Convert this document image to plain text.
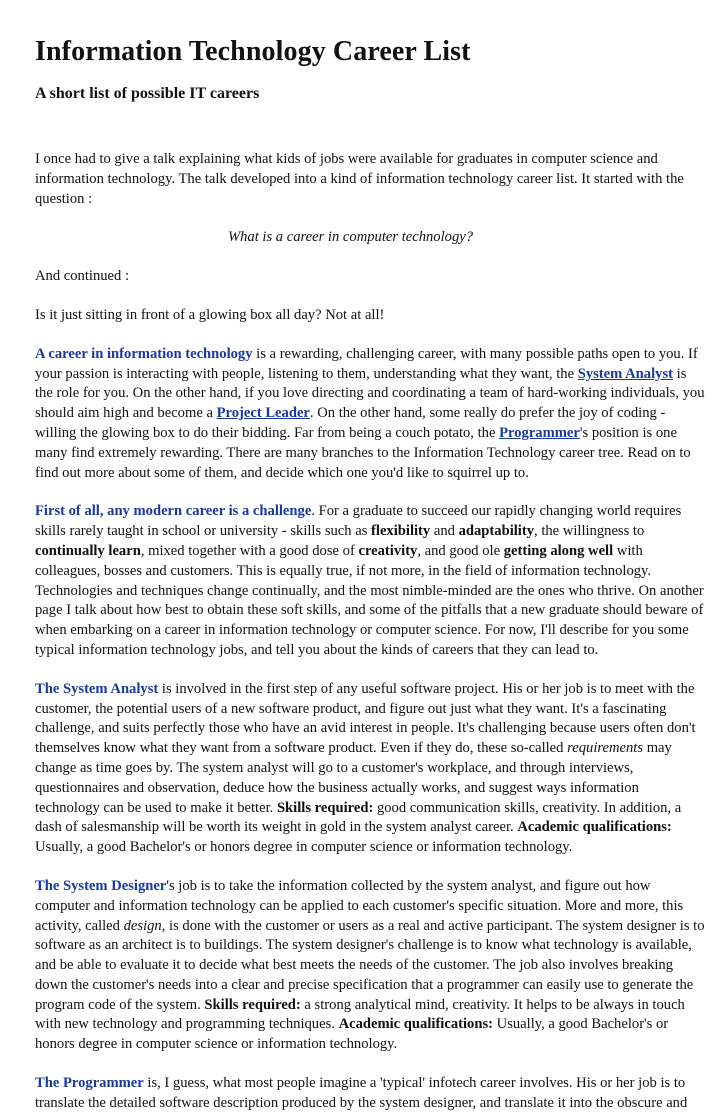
Information Technology Career List
A short list of possible IT careers

I once had to give a talk explaining what kids of jobs were available for graduates in computer science and information technology. The talk developed into a kind of information technology career list. It started with the question :

What is a career in computer technology?

And continued :

Is it just sitting in front of a glowing box all day? Not at all!

A career in information technology is a rewarding, challenging career, with many possible paths open to you. If your passion is interacting with people, listening to them, understanding what they want, the System Analyst is the role for you. On the other hand, if you love directing and coordinating a team of hard-working individuals, you should aim high and become a Project Leader. On the other hand, some really do prefer the joy of coding - willing the glowing box to do their bidding. Far from being a couch potato, the Programmer's position is one many find extremely rewarding. There are many branches to the Information Technology career tree. Read on to find out more about some of them, and decide which one you'd like to squirrel up to.

First of all, any modern career is a challenge. For a graduate to succeed our rapidly changing world requires skills rarely taught in school or university - skills such as flexibility and adaptability, the willingness to continually learn, mixed together with a good dose of creativity, and good ole getting along well with colleagues, bosses and customers. This is equally true, if not more, in the field of information technology. Technologies and techniques change continually, and the most nimble-minded are the ones who thrive. On another page I talk about how best to obtain these soft skills, and some of the pitfalls that a new graduate should beware of when embarking on a career in information technology or computer science. For now, I'll describe for you some typical information technology jobs, and tell you about the kinds of careers that they can lead to.

The System Analyst is involved in the first step of any useful software project. His or her job is to meet with the customer, the potential users of a new software product, and figure out just what they want. It's a fascinating challenge, and suits perfectly those who have an avid interest in people. It's challenging because users often don't themselves know what they want from a software product. Even if they do, these so-called requirements may change as time goes by. The system analyst will go to a customer's workplace, and through interviews, questionnaires and observation, deduce how the business actually works, and suggest ways information technology can be used to make it better. Skills required: good communication skills, creativity. In addition, a dash of salesmanship will be worth its weight in gold in the system analyst career. Academic qualifications: Usually, a good Bachelor's or honors degree in computer science or information technology.

The System Designer's job is to take the information collected by the system analyst, and figure out how computer and information technology can be applied to each customer's specific situation. More and more, this activity, called design, is done with the customer or users as a real and active participant. The system designer is to software as an architect is to buildings. The system designer's challenge is to know what technology is available, and be able to evaluate it to decide what best meets the needs of the customer. The job also involves breaking down the customer's needs into a clear and precise specification that a programmer can easily use to generate the program code of the system. Skills required: a strong analytical mind, creativity. It helps to be always in touch with new technology and programming techniques. Academic qualifications: Usually, a good Bachelor's or honors degree in computer science or information technology.

The Programmer is, I guess, what most people imagine a 'typical' infotech career involves. His or her job is to translate the detailed software description produced by the system designer, and translate it into the obscure and
